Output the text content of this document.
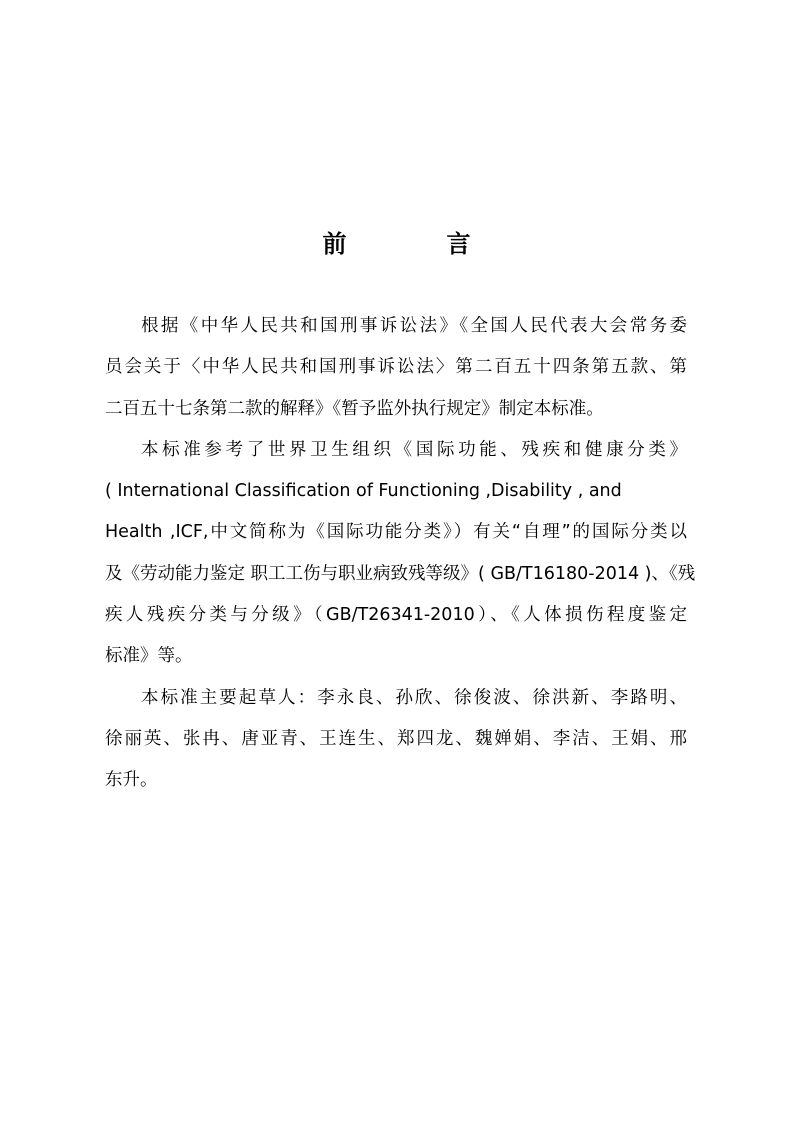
前　言
根据《中华人民共和国刑事诉讼法》《全国人民代表大会常务委
员会关于〈中华人民共和国刑事诉讼法〉第二百五十四条第五款、第
二百五十七条第二款的解释》《暂予监外执行规定》制定本标准。
本标准参考了世界卫生组织《国际功能、残疾和健康分类》
( International Classification of Functioning ,Disability , and
Health ,ICF,中文简称为《国际功能分类》）有关“自理”的国际分类以
及《劳动能力鉴定 职工工伤与职业病致残等级》( GB/T16180-2014 )、《残
疾人残疾分类与分级》（GB/T26341-2010）、《人体损伤程度鉴定
标准》等。
本标准主要起草人：李永良、孙欣、徐俊波、徐洪新、李路明、
徐丽英、张冉、唐亚青、王连生、郑四龙、魏婵娟、李洁、王娟、邢
东升。
